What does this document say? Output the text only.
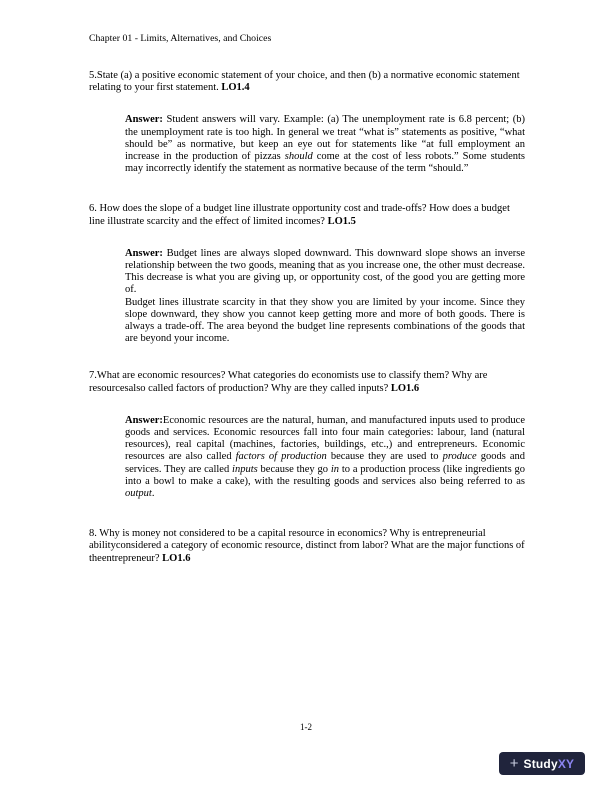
Chapter 01 - Limits, Alternatives, and Choices

5.State (a) a positive economic statement of your choice, and then (b) a normative economic statement relating to your first statement. LO1.4

Answer: Student answers will vary. Example: (a) The unemployment rate is 6.8 percent; (b) the unemployment rate is too high. In general we treat “what is” statements as positive, “what should be” as normative, but keep an eye out for statements like “at full employment an increase in the production of pizzas should come at the cost of less robots.” Some students may incorrectly identify the statement as normative because of the term “should.”

6. How does the slope of a budget line illustrate opportunity cost and trade-offs? How does a budget line illustrate scarcity and the effect of limited incomes? LO1.5

Answer: Budget lines are always sloped downward. This downward slope shows an inverse relationship between the two goods, meaning that as you increase one, the other must decrease. This decrease is what you are giving up, or opportunity cost, of the good you are getting more of.

Budget lines illustrate scarcity in that they show you are limited by your income. Since they slope downward, they show you cannot keep getting more and more of both goods. There is always a trade-off. The area beyond the budget line represents combinations of the goods that are beyond your income.

7.What are economic resources? What categories do economists use to classify them? Why are resourcesalso called factors of production? Why are they called inputs? LO1.6

Answer:Economic resources are the natural, human, and manufactured inputs used to produce goods and services. Economic resources fall into four main categories: labour, land (natural resources), real capital (machines, factories, buildings, etc.,) and entrepreneurs. Economic resources are also called factors of production because they are used to produce goods and services. They are called inputs because they go in to a production process (like ingredients go into a bowl to make a cake), with the resulting goods and services also being referred to as output.

8. Why is money not considered to be a capital resource in economics? Why is entrepreneurial abilityconsidered a category of economic resource, distinct from labor? What are the major functions of theentrepreneur? LO1.6

1-2
+ StudyXY
